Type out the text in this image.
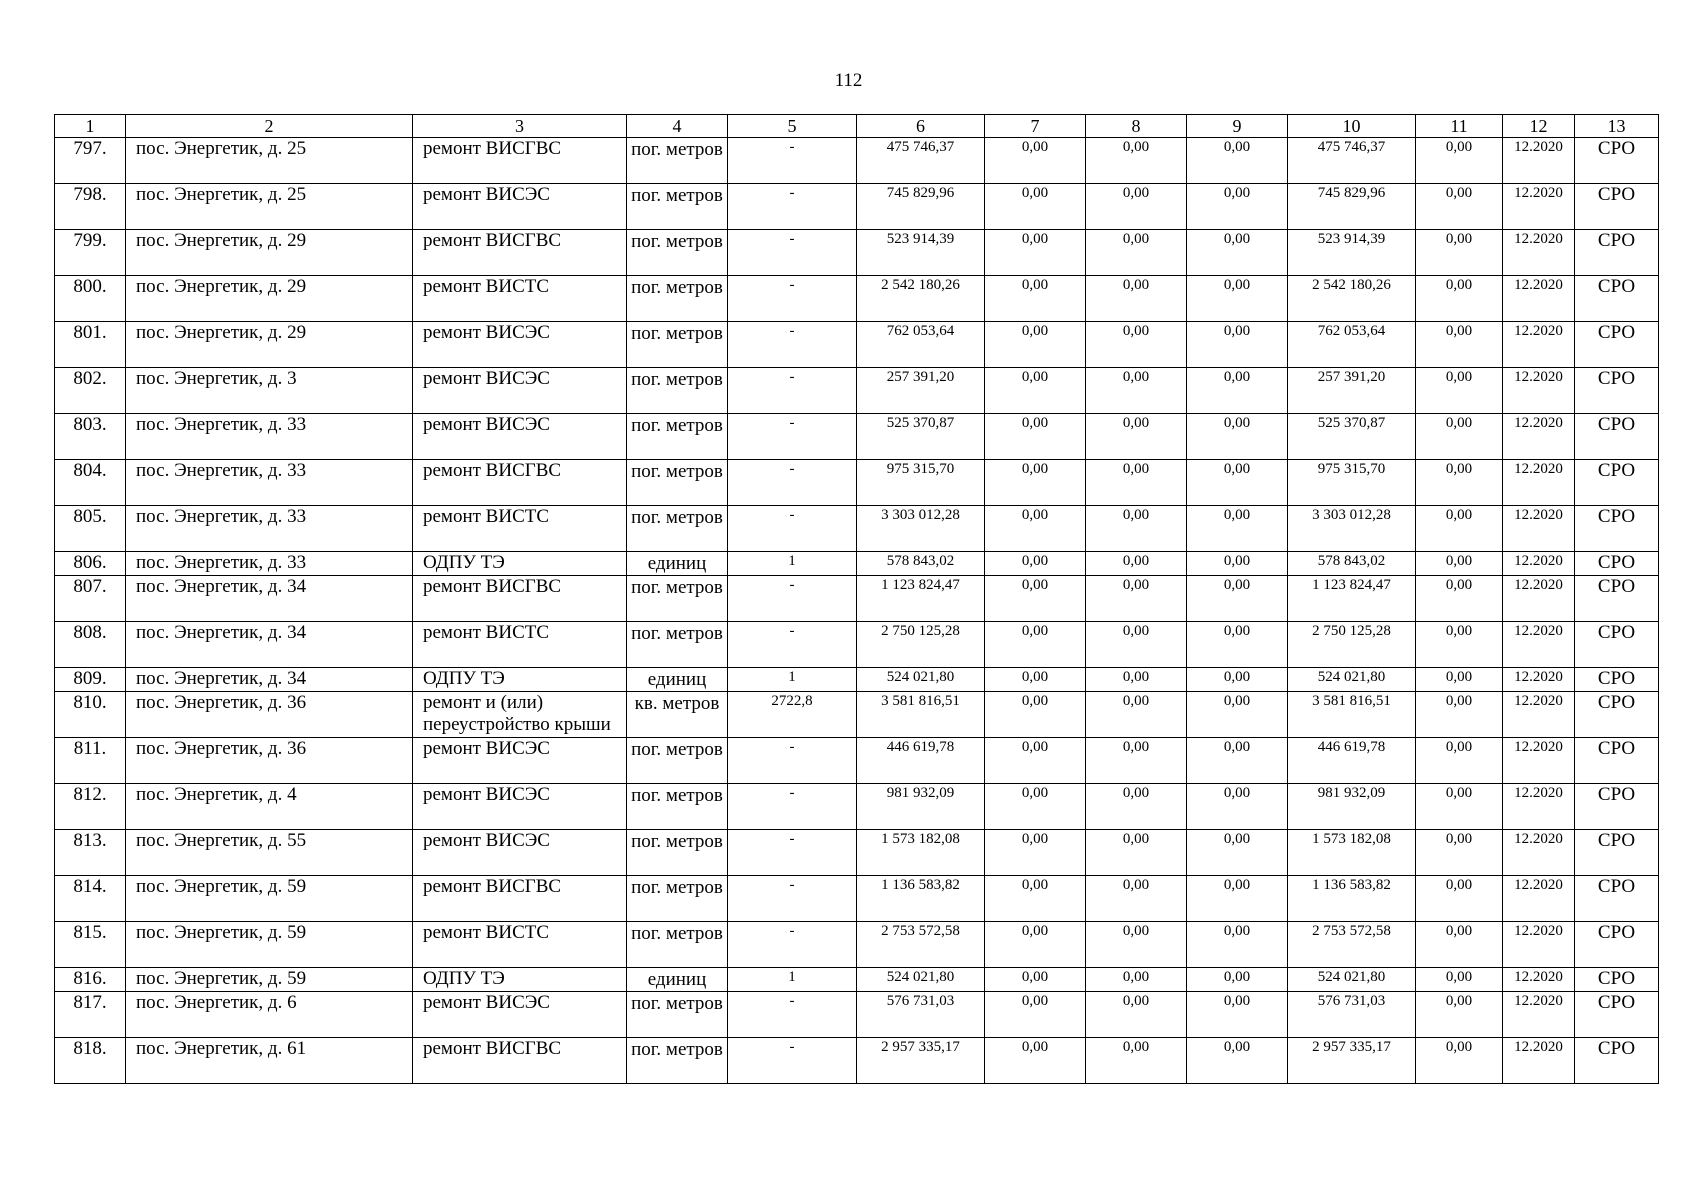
112
1	2	3	4	5	6	7	8	9	10	11	12	13
797.	пос. Энергетик, д. 25	ремонт ВИСГВС	пог. метров	-	475 746,37	0,00	0,00	0,00	475 746,37	0,00	12.2020	СРО
798.	пос. Энергетик, д. 25	ремонт ВИСЭС	пог. метров	-	745 829,96	0,00	0,00	0,00	745 829,96	0,00	12.2020	СРО
799.	пос. Энергетик, д. 29	ремонт ВИСГВС	пог. метров	-	523 914,39	0,00	0,00	0,00	523 914,39	0,00	12.2020	СРО
800.	пос. Энергетик, д. 29	ремонт ВИСТС	пог. метров	-	2 542 180,26	0,00	0,00	0,00	2 542 180,26	0,00	12.2020	СРО
801.	пос. Энергетик, д. 29	ремонт ВИСЭС	пог. метров	-	762 053,64	0,00	0,00	0,00	762 053,64	0,00	12.2020	СРО
802.	пос. Энергетик, д. 3	ремонт ВИСЭС	пог. метров	-	257 391,20	0,00	0,00	0,00	257 391,20	0,00	12.2020	СРО
803.	пос. Энергетик, д. 33	ремонт ВИСЭС	пог. метров	-	525 370,87	0,00	0,00	0,00	525 370,87	0,00	12.2020	СРО
804.	пос. Энергетик, д. 33	ремонт ВИСГВС	пог. метров	-	975 315,70	0,00	0,00	0,00	975 315,70	0,00	12.2020	СРО
805.	пос. Энергетик, д. 33	ремонт ВИСТС	пог. метров	-	3 303 012,28	0,00	0,00	0,00	3 303 012,28	0,00	12.2020	СРО
806.	пос. Энергетик, д. 33	ОДПУ ТЭ	единиц	1	578 843,02	0,00	0,00	0,00	578 843,02	0,00	12.2020	СРО
807.	пос. Энергетик, д. 34	ремонт ВИСГВС	пог. метров	-	1 123 824,47	0,00	0,00	0,00	1 123 824,47	0,00	12.2020	СРО
808.	пос. Энергетик, д. 34	ремонт ВИСТС	пог. метров	-	2 750 125,28	0,00	0,00	0,00	2 750 125,28	0,00	12.2020	СРО
809.	пос. Энергетик, д. 34	ОДПУ ТЭ	единиц	1	524 021,80	0,00	0,00	0,00	524 021,80	0,00	12.2020	СРО
810.	пос. Энергетик, д. 36	ремонт и (или) переустройство крыши	кв. метров	2722,8	3 581 816,51	0,00	0,00	0,00	3 581 816,51	0,00	12.2020	СРО
811.	пос. Энергетик, д. 36	ремонт ВИСЭС	пог. метров	-	446 619,78	0,00	0,00	0,00	446 619,78	0,00	12.2020	СРО
812.	пос. Энергетик, д. 4	ремонт ВИСЭС	пог. метров	-	981 932,09	0,00	0,00	0,00	981 932,09	0,00	12.2020	СРО
813.	пос. Энергетик, д. 55	ремонт ВИСЭС	пог. метров	-	1 573 182,08	0,00	0,00	0,00	1 573 182,08	0,00	12.2020	СРО
814.	пос. Энергетик, д. 59	ремонт ВИСГВС	пог. метров	-	1 136 583,82	0,00	0,00	0,00	1 136 583,82	0,00	12.2020	СРО
815.	пос. Энергетик, д. 59	ремонт ВИСТС	пог. метров	-	2 753 572,58	0,00	0,00	0,00	2 753 572,58	0,00	12.2020	СРО
816.	пос. Энергетик, д. 59	ОДПУ ТЭ	единиц	1	524 021,80	0,00	0,00	0,00	524 021,80	0,00	12.2020	СРО
817.	пос. Энергетик, д. 6	ремонт ВИСЭС	пог. метров	-	576 731,03	0,00	0,00	0,00	576 731,03	0,00	12.2020	СРО
818.	пос. Энергетик, д. 61	ремонт ВИСГВС	пог. метров	-	2 957 335,17	0,00	0,00	0,00	2 957 335,17	0,00	12.2020	СРО
